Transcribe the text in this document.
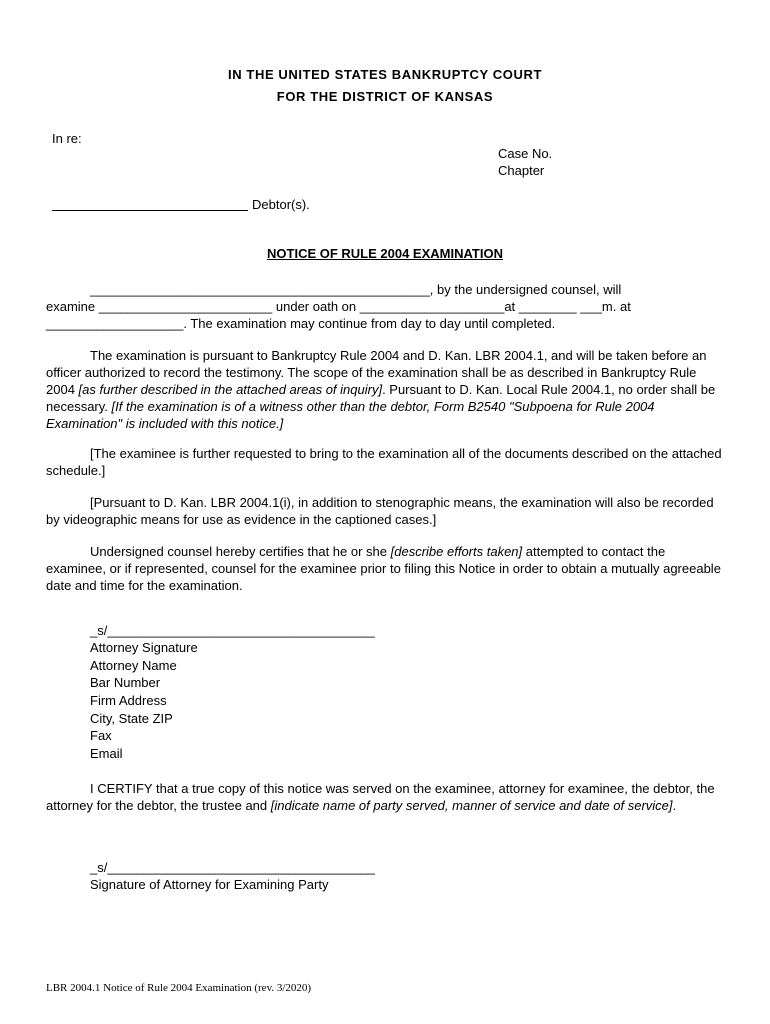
IN THE UNITED STATES BANKRUPTCY COURT
FOR THE DISTRICT OF KANSAS
In re:
Case No.
Chapter
Debtor(s).
NOTICE OF RULE 2004 EXAMINATION
_______________________________________________, by the undersigned counsel, will
examine ________________________ under oath on ____________________at ________ ___m. at
___________________. The examination may continue from day to day until completed.

The examination is pursuant to Bankruptcy Rule 2004 and D. Kan. LBR 2004.1, and will be taken before an officer authorized to record the testimony. The scope of the examination shall be as described in Bankruptcy Rule 2004 [as further described in the attached areas of inquiry]. Pursuant to D. Kan. Local Rule 2004.1, no order shall be necessary. [If the examination is of a witness other than the debtor, Form B2540 "Subpoena for Rule 2004 Examination" is included with this notice.]

[The examinee is further requested to bring to the examination all of the documents described on the attached schedule.]

[Pursuant to D. Kan. LBR 2004.1(i), in addition to stenographic means, the examination will also be recorded by videographic means for use as evidence in the captioned cases.]

Undersigned counsel hereby certifies that he or she [describe efforts taken] attempted to contact the examinee, or if represented, counsel for the examinee prior to filing this Notice in order to obtain a mutually agreeable date and time for the examination.

_s/_____________________________________
Attorney Signature
Attorney Name
Bar Number
Firm Address
City, State ZIP
Fax
Email

I CERTIFY that a true copy of this notice was served on the examinee, attorney for examinee, the debtor, the attorney for the debtor, the trustee and [indicate name of party served, manner of service and date of service].

_s/_____________________________________
Signature of Attorney for Examining Party
LBR 2004.1 Notice of Rule 2004 Examination (rev. 3/2020)
